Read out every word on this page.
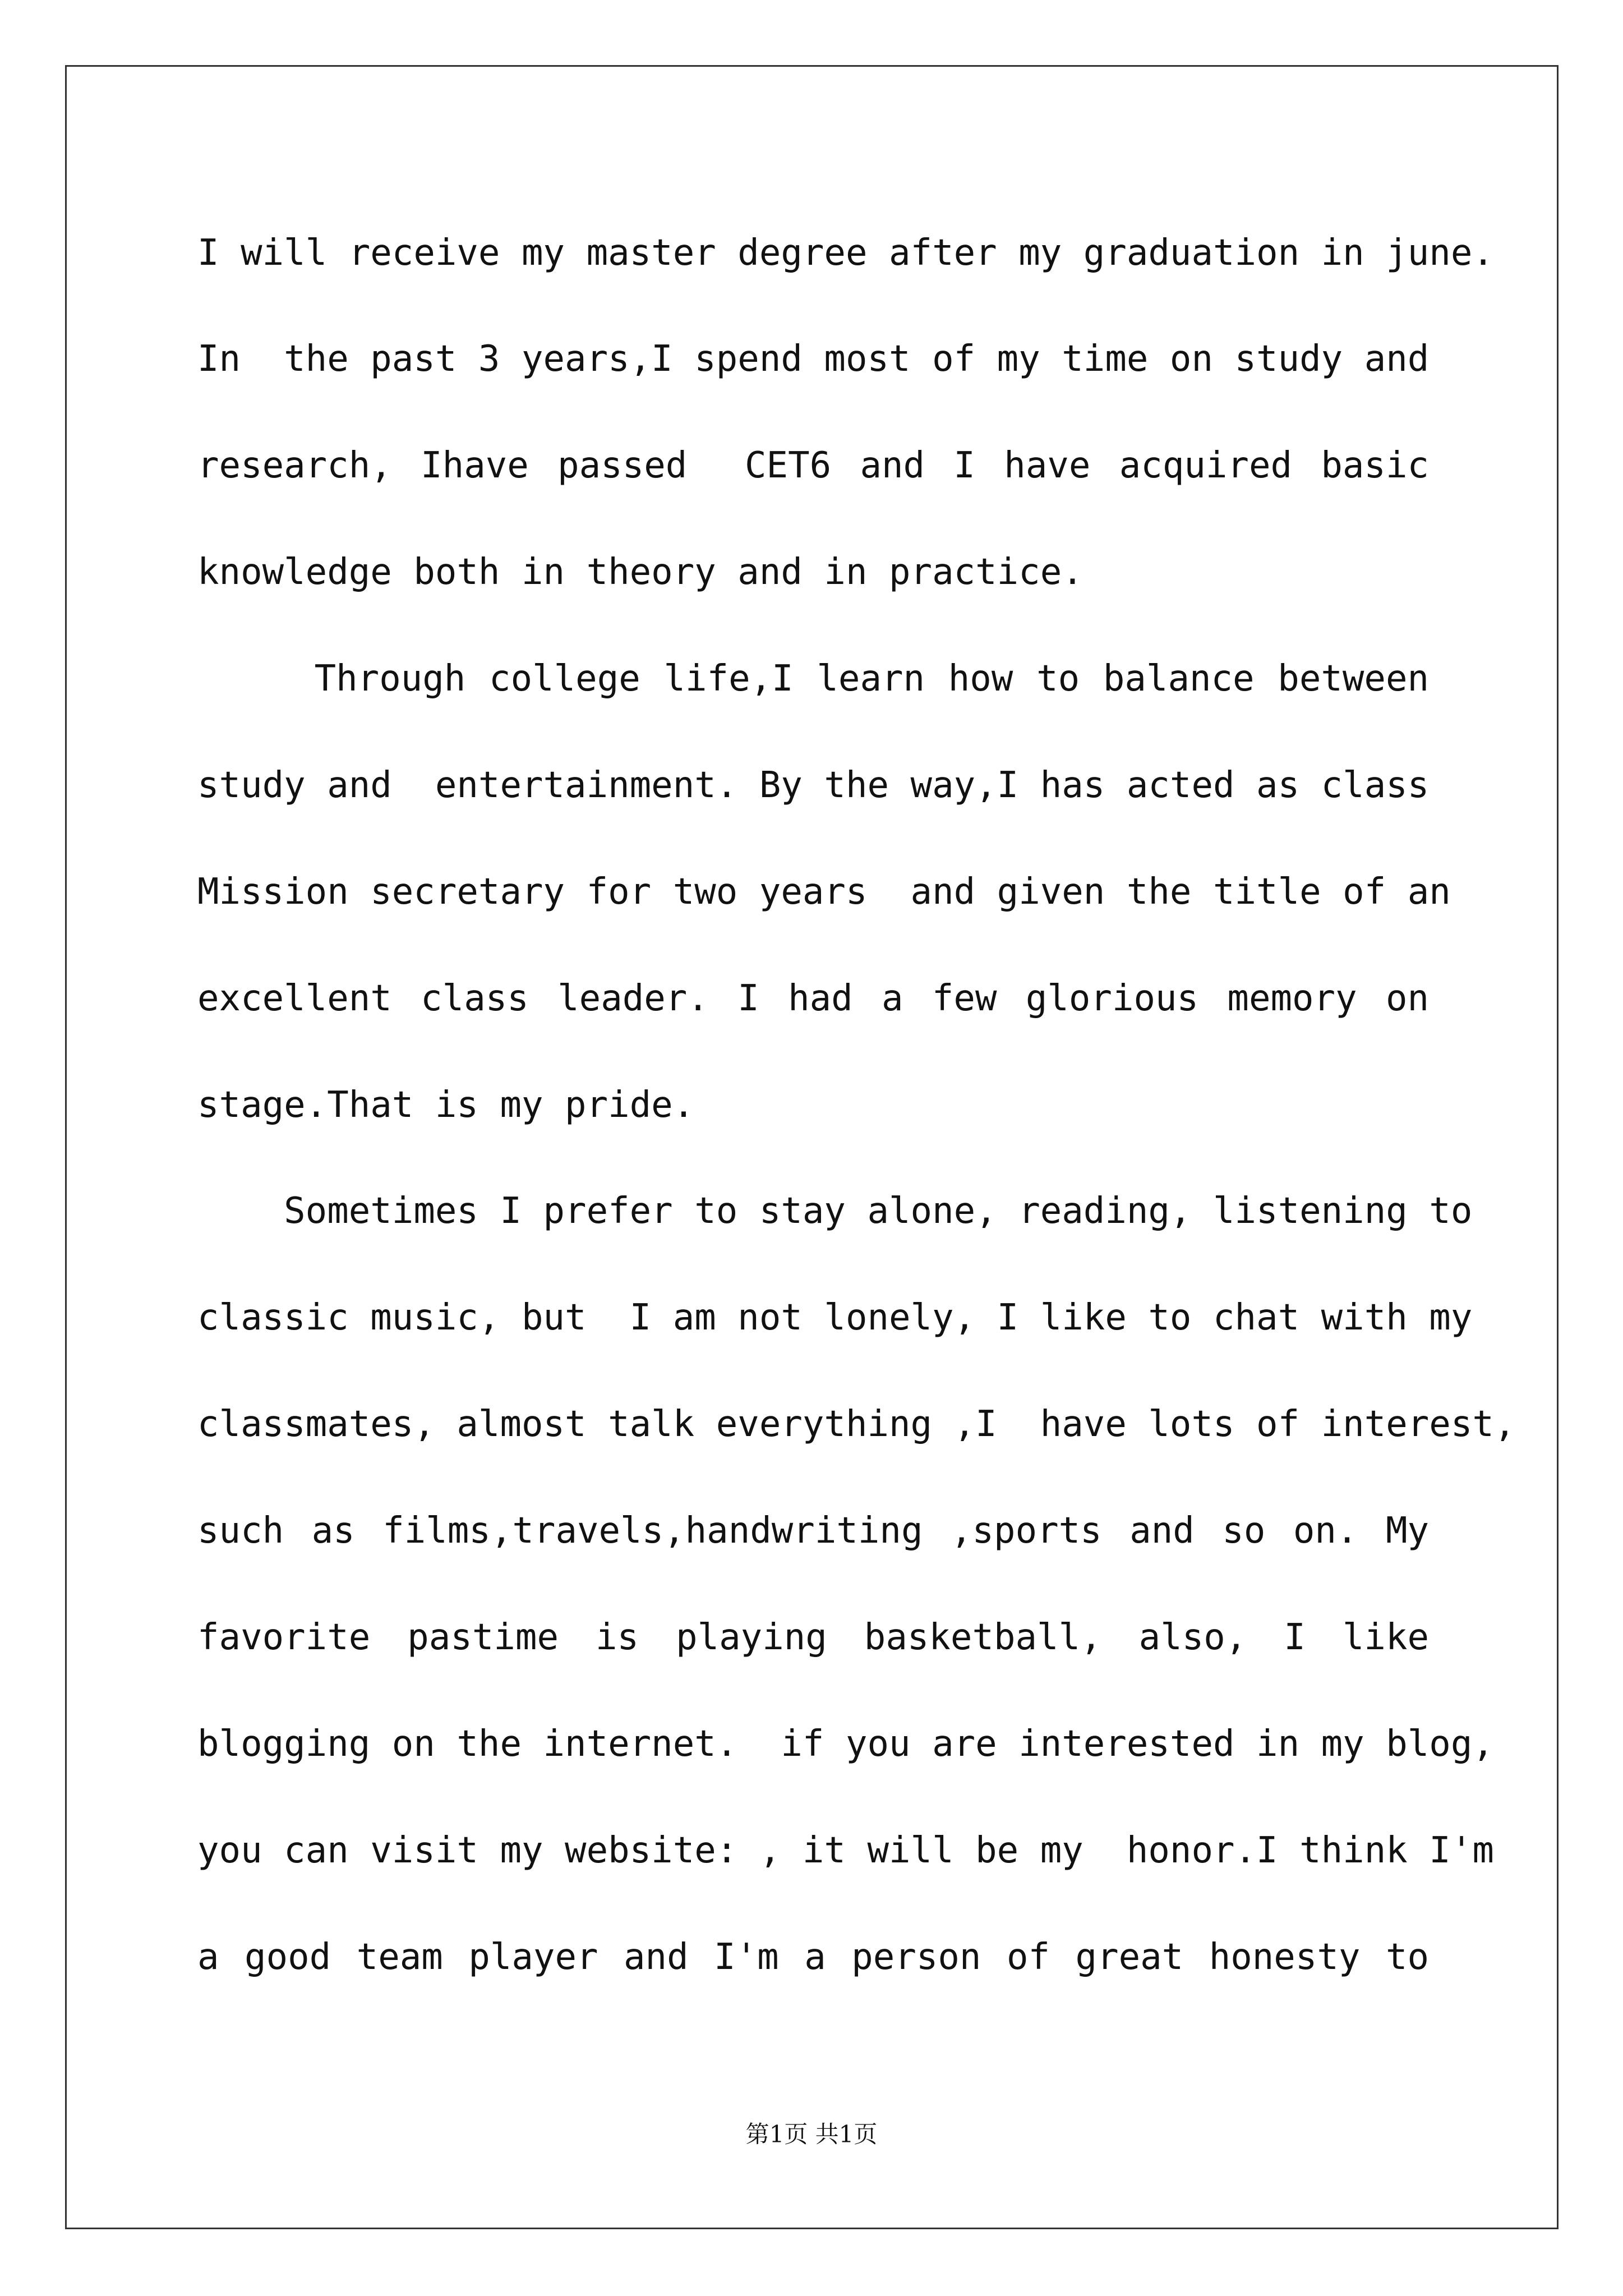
I will receive my master degree after my graduation in june.
In  the past 3 years,I spend most of my time on study and
research, Ihave passed  CET6 and I have acquired basic
knowledge both in theory and in practice.
Through college life,I learn how to balance between
study and  entertainment. By the way,I has acted as class
Mission secretary for two years  and given the title of an
excellent class leader. I had a few glorious memory on
stage.That is my pride.
Sometimes I prefer to stay alone, reading, listening to
classic music, but  I am not lonely, I like to chat with my
classmates, almost talk everything ,I  have lots of interest,
such as films,travels,handwriting ,sports and so on. My
favorite pastime is playing basketball, also, I like
blogging on the internet.  if you are interested in my blog,
you can visit my website: , it will be my  honor.I think I'm
a good team player and I'm a person of great honesty to
第1页 共1页
